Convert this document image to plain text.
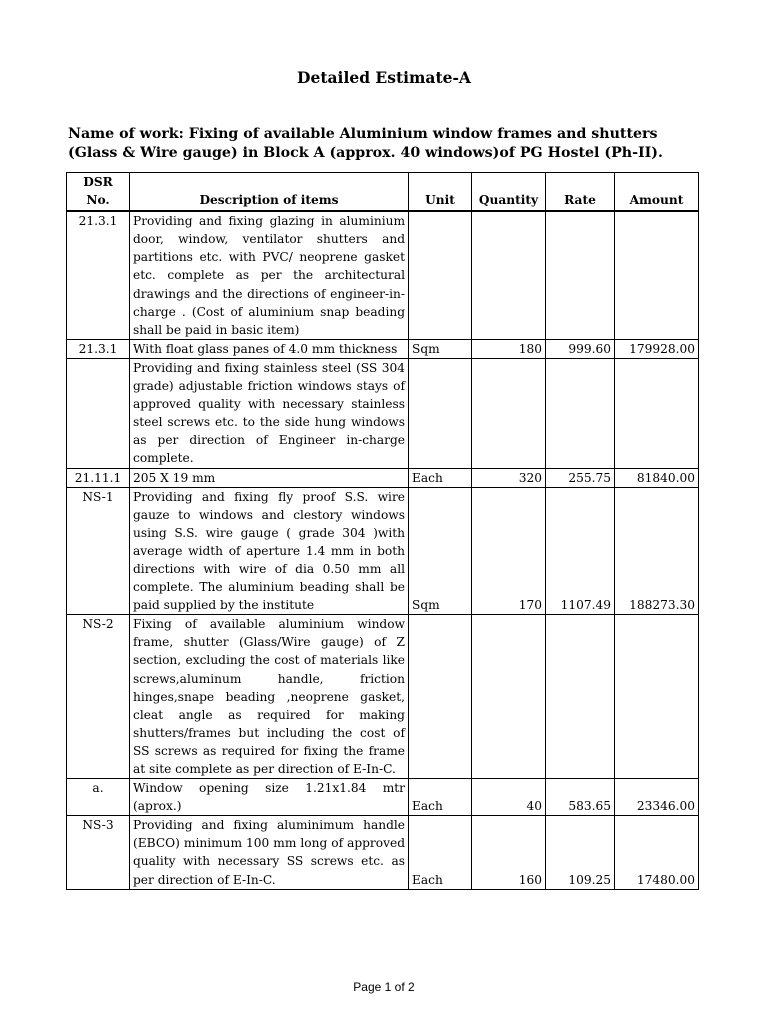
Detailed Estimate-A
Name of work: Fixing of available Aluminium window frames and shutters (Glass & Wire gauge) in Block A (approx. 40 windows)of PG Hostel (Ph-II).
DSR No.	Description of items	Unit	Quantity	Rate	Amount
21.3.1	Providing and fixing glazing in aluminium door, window, ventilator shutters and partitions etc. with PVC/ neoprene gasket etc. complete as per the architectural drawings and the directions of engineer-in-charge . (Cost of aluminium snap beading shall be paid in basic item)				
21.3.1	With float glass panes of 4.0 mm thickness	Sqm	180	999.60	179928.00
	Providing and fixing stainless steel (SS 304 grade) adjustable friction windows stays of approved quality with necessary stainless steel screws etc. to the side hung windows as per direction of Engineer in-charge complete.				
21.11.1	205 X 19 mm	Each	320	255.75	81840.00
NS-1	Providing and fixing fly proof S.S. wire gauze to windows and clestory windows using S.S. wire gauge ( grade 304 )with average width of aperture 1.4 mm in both directions with wire of dia 0.50 mm all complete. The aluminium beading shall be paid supplied by the institute	Sqm	170	1107.49	188273.30
NS-2	Fixing of available aluminium window frame, shutter (Glass/Wire gauge) of Z section, excluding the cost of materials like screws,aluminum handle, friction hinges,snape beading ,neoprene gasket, cleat angle as required for making shutters/frames but including the cost of SS screws as required for fixing the frame at site complete as per direction of E-In-C.				
a.	Window opening size 1.21x1.84 mtr (aprox.)	Each	40	583.65	23346.00
NS-3	Providing and fixing aluminimum handle (EBCO) minimum 100 mm long of approved quality with necessary SS screws etc. as per direction of E-In-C.	Each	160	109.25	17480.00
Page 1 of 2
